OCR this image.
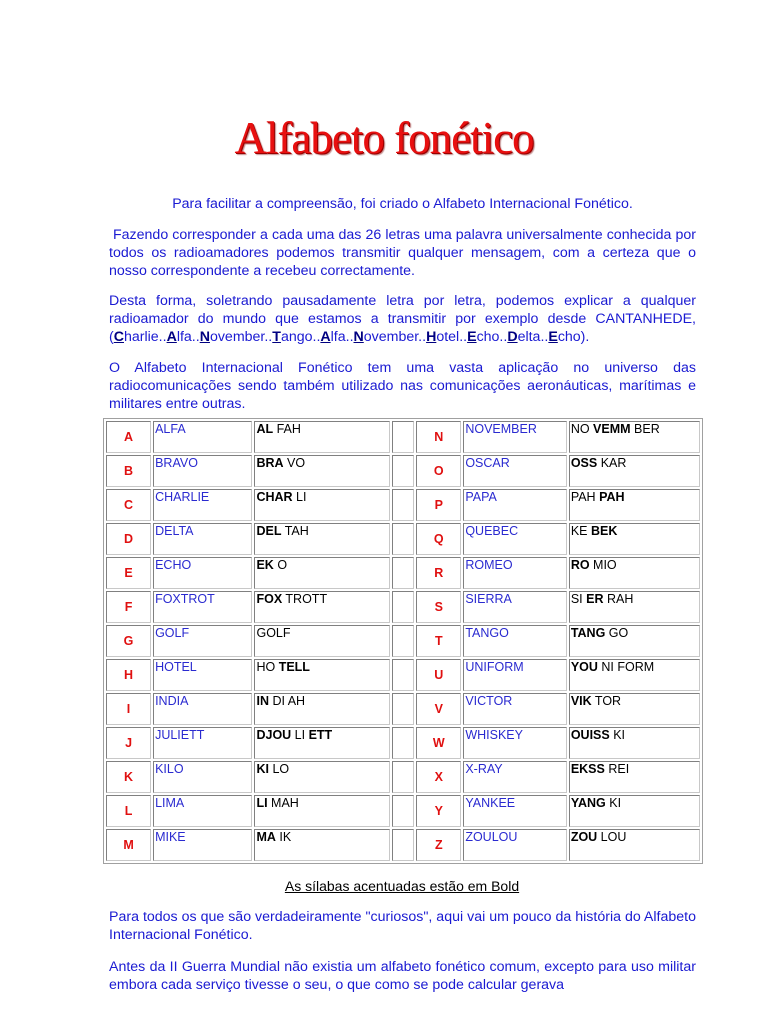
Alfabeto fonético

Para facilitar a compreensão, foi criado o Alfabeto Internacional Fonético.

Fazendo corresponder a cada uma das 26 letras uma palavra universalmente conhecida por todos os radioamadores podemos transmitir qualquer mensagem, com a certeza que o nosso correspondente a recebeu correctamente.

Desta forma, soletrando pausadamente letra por letra, podemos explicar a qualquer radioamador do mundo que estamos a transmitir por exemplo desde CANTANHEDE, (Charlie..Alfa..November..Tango..Alfa..November..Hotel..Echo..Delta..Echo).

O Alfabeto Internacional Fonético tem uma vasta aplicação no universo das radiocomunicações sendo também utilizado nas comunicações aeronáuticas, marítimas e militares entre outras.

A	ALFA	AL FAH		N	NOVEMBER	NO VEMM BER
B	BRAVO	BRA VO		O	OSCAR	OSS KAR
C	CHARLIE	CHAR LI		P	PAPA	PAH PAH
D	DELTA	DEL TAH		Q	QUEBEC	KE BEK
E	ECHO	EK O		R	ROMEO	RO MIO
F	FOXTROT	FOX TROTT		S	SIERRA	SI ER RAH
G	GOLF	GOLF		T	TANGO	TANG GO
H	HOTEL	HO TELL		U	UNIFORM	YOU NI FORM
I	INDIA	IN DI AH		V	VICTOR	VIK TOR
J	JULIETT	DJOU LI ETT		W	WHISKEY	OUISS KI
K	KILO	KI LO		X	X-RAY	EKSS REI
L	LIMA	LI MAH		Y	YANKEE	YANG KI
M	MIKE	MA IK		Z	ZOULOU	ZOU LOU
As sílabas acentuadas estão em Bold

Para todos os que são verdadeiramente "curiosos", aqui vai um pouco da história do Alfabeto Internacional Fonético.

Antes da II Guerra Mundial não existia um alfabeto fonético comum, excepto para uso militar embora cada serviço tivesse o seu, o que como se pode calcular gerava
